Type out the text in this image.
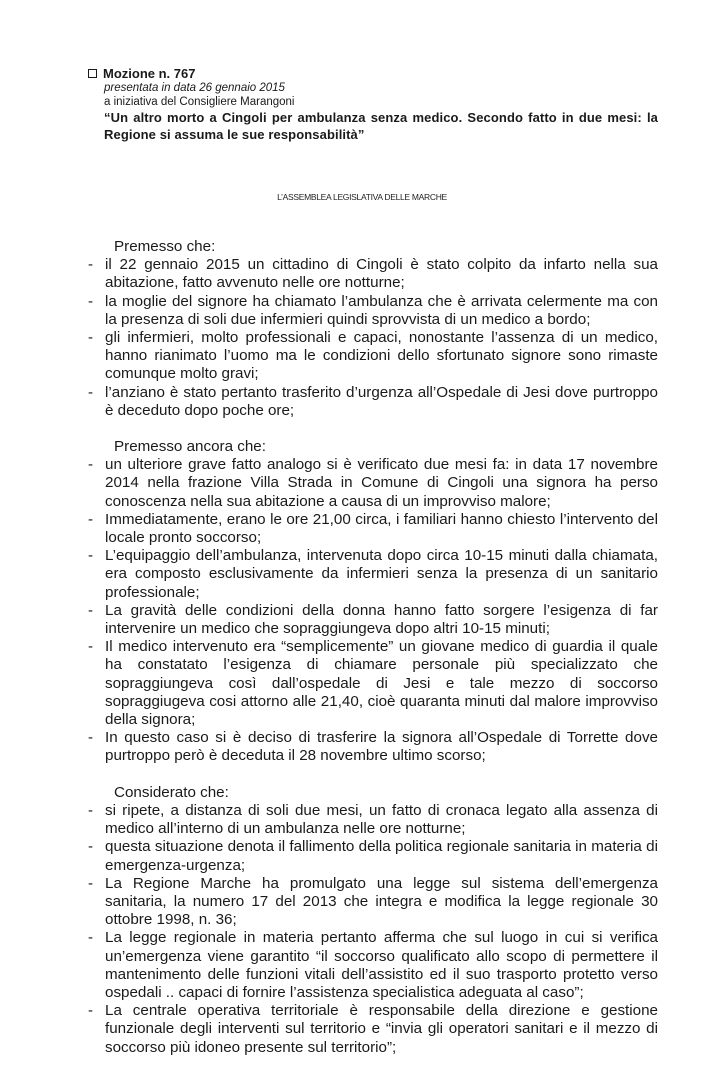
Mozione n. 767
presentata in data 26 gennaio 2015
a iniziativa del Consigliere Marangoni
“Un altro morto a Cingoli per ambulanza senza medico. Secondo fatto in due mesi: la Regione si assuma le sue responsabilità”
L’ASSEMBLEA LEGISLATIVA DELLE MARCHE
Premesso che:
- il 22 gennaio 2015 un cittadino di Cingoli è stato colpito da infarto nella sua abitazione, fatto avvenuto nelle ore notturne;
- la moglie del signore ha chiamato l’ambulanza che è arrivata celermente ma con la presenza di soli due infermieri quindi sprovvista di un medico a bordo;
- gli infermieri, molto professionali e capaci, nonostante l’assenza di un medico, hanno rianimato l’uomo ma le condizioni dello sfortunato signore sono rimaste comunque molto gravi;
- l’anziano è stato pertanto trasferito d’urgenza all’Ospedale di Jesi dove purtroppo è deceduto dopo poche ore;
Premesso ancora che:
- un ulteriore grave fatto analogo si è verificato due mesi fa: in data 17 novembre 2014 nella frazione Villa Strada in Comune di Cingoli una signora ha perso conoscenza nella sua abitazione a causa di un improvviso malore;
- Immediatamente, erano le ore 21,00 circa, i familiari hanno chiesto l’intervento del locale pronto soccorso;
- L’equipaggio dell’ambulanza, intervenuta dopo circa 10-15 minuti dalla chiamata, era composto esclusivamente da infermieri senza la presenza di un sanitario professionale;
- La gravità delle condizioni della donna hanno fatto sorgere l’esigenza di far intervenire un medico che sopraggiungeva dopo altri 10-15 minuti;
- Il medico intervenuto era “semplicemente” un giovane medico di guardia il quale ha constatato l’esigenza di chiamare personale più specializzato che sopraggiungeva così dall’ospedale di Jesi e tale mezzo di soccorso sopraggiugeva cosi attorno alle 21,40, cioè quaranta minuti dal malore improvviso della signora;
- In questo caso si è deciso di trasferire la signora all’Ospedale di Torrette dove purtroppo però è deceduta il 28 novembre ultimo scorso;
Considerato che:
- si ripete, a distanza di soli due mesi, un fatto di cronaca legato alla assenza di medico all’interno di un ambulanza nelle ore notturne;
- questa situazione denota il fallimento della politica regionale sanitaria in materia di emergenza-urgenza;
- La Regione Marche ha promulgato una legge sul sistema dell’emergenza sanitaria, la numero 17 del 2013 che integra e modifica la legge regionale 30 ottobre 1998, n. 36;
- La legge regionale in materia pertanto afferma che sul luogo in cui si verifica un’emergenza viene garantito “il soccorso qualificato allo scopo di permettere il mantenimento delle funzioni vitali dell’assistito ed il suo trasporto protetto verso ospedali .. capaci di fornire l’assistenza specialistica adeguata al caso”;
- La centrale operativa territoriale è responsabile della direzione e gestione funzionale degli interventi sul territorio e “invia gli operatori sanitari e il mezzo di soccorso più idoneo presente sul territorio”;
